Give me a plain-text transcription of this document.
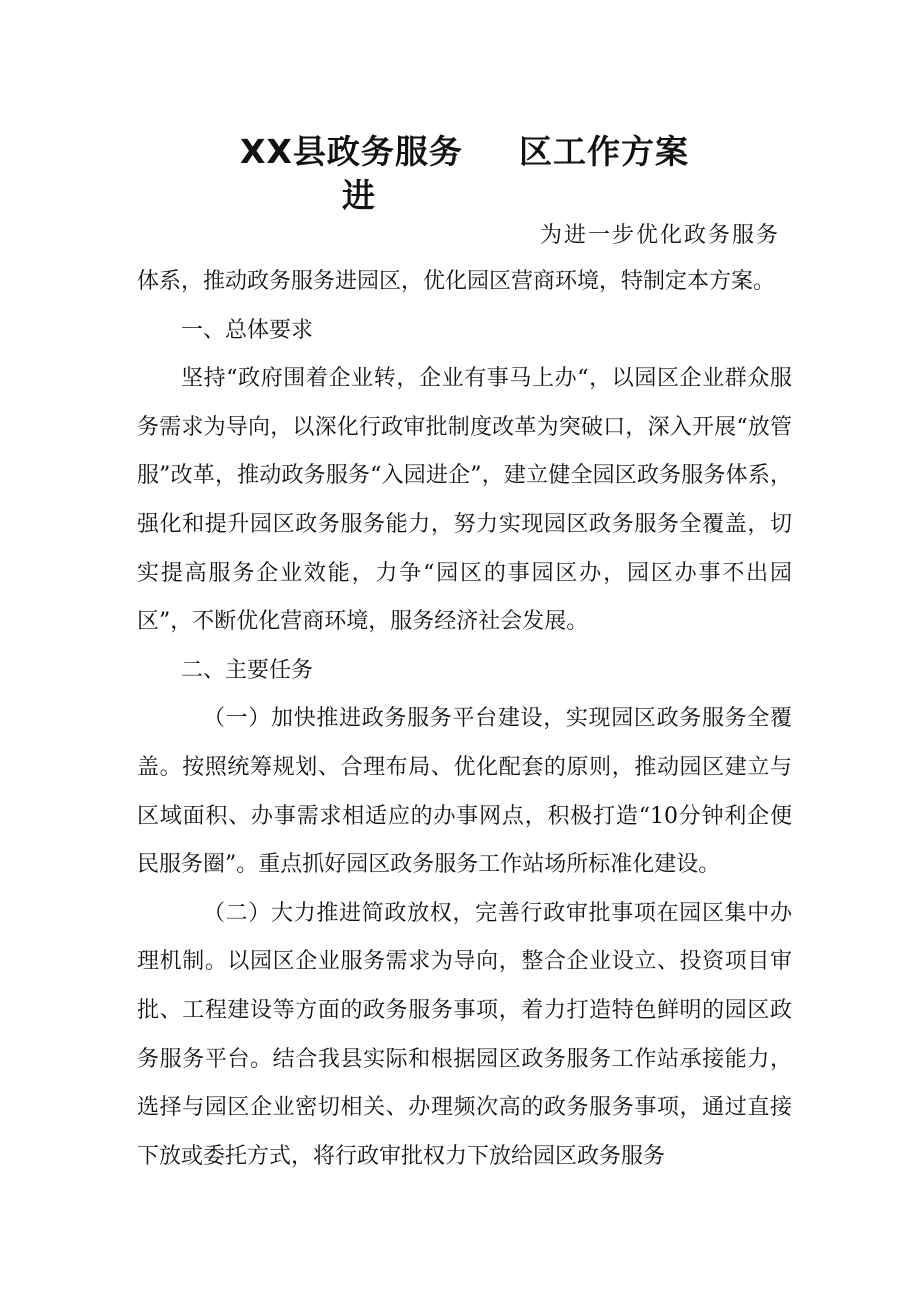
XX县政务服务 区工作方案
进
为进一步优化政务服务

体系，推动政务服务进园区，优化园区营商环境，特制定本方案。

一、总体要求

坚持“政府围着企业转，企业有事马上办“，以园区企业群众服务需求为导向，以深化行政审批制度改革为突破口，深入开展“放管服”改革，推动政务服务“入园进企”，建立健全园区政务服务体系，强化和提升园区政务服务能力，努力实现园区政务服务全覆盖，切实提高服务企业效能，力争“园区的事园区办，园区办事不出园区”，不断优化营商环境，服务经济社会发展。

二、主要任务

（一）加快推进政务服务平台建设，实现园区政务服务全覆盖。按照统筹规划、合理布局、优化配套的原则，推动园区建立与区域面积、办事需求相适应的办事网点，积极打造“10分钟利企便民服务圈”。重点抓好园区政务服务工作站场所标准化建设。

（二）大力推进简政放权，完善行政审批事项在园区集中办理机制。以园区企业服务需求为导向，整合企业设立、投资项目审批、工程建设等方面的政务服务事项，着力打造特色鲜明的园区政务服务平台。结合我县实际和根据园区政务服务工作站承接能力，选择与园区企业密切相关、办理频次高的政务服务事项，通过直接下放或委托方式，将行政审批权力下放给园区政务服务
